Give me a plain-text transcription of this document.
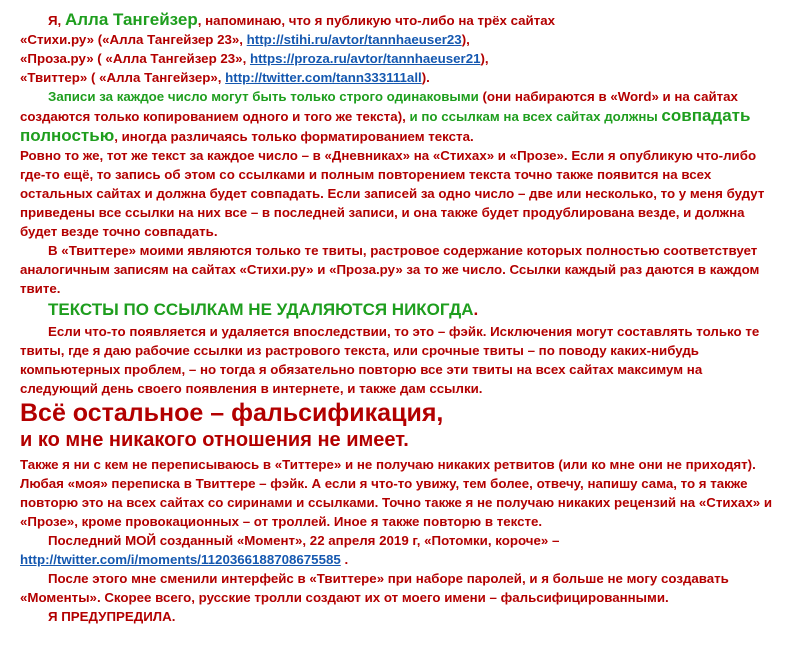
Я, Алла Тангейзер, напоминаю, что я публикую что-либо на трёх сайтах

«Стихи.ру» («Алла Тангейзер 23», http://stihi.ru/avtor/tannhaeuser23),

«Проза.ру» ( «Алла Тангейзер 23», https://proza.ru/avtor/tannhaeuser21),

«Твиттер» ( «Алла Тангейзер», http://twitter.com/tann333111all).

Записи за каждое число могут быть только строго одинаковыми (они набираются в «Word» и на сайтах создаются только копированием одного и того же текста), и по ссылкам на всех сайтах должны совпадать полностью, иногда различаясь только форматированием текста.

Ровно то же, тот же текст за каждое число – в «Дневниках» на «Стихах» и «Прозе». Если я опубликую что-либо где-то ещё, то запись об этом со ссылками и полным повторением текста точно также появится на всех остальных сайтах и должна будет совпадать. Если записей за одно число – две или несколько, то у меня будут приведены все ссылки на них все – в последней записи, и она также будет продублирована везде, и должна будет везде точно совпадать.

В «Твиттере» моими являются только те твиты, растровое содержание которых полностью соответствует аналогичным записям на сайтах «Стихи.ру» и «Проза.ру» за то же число. Ссылки каждый раз даются в каждом твите.

ТЕКСТЫ ПО ССЫЛКАМ НЕ УДАЛЯЮТСЯ НИКОГДА.

Если что-то появляется и удаляется впоследствии, то это – фэйк. Исключения могут составлять только те твиты, где я даю рабочие ссылки из растрового текста, или срочные твиты – по поводу каких-нибудь компьютерных проблем, – но тогда я обязательно повторю все эти твиты на всех сайтах максимум на следующий день своего появления в интернете, и также дам ссылки.

Всё остальное – фальсификация,

и ко мне никакого отношения не имеет.

Также я ни с кем не переписываюсь в «Титтере» и не получаю никаких ретвитов (или ко мне они не приходят). Любая «моя» переписка в Твиттере – фэйк. А если я что-то увижу, тем более, отвечу, напишу сама, то я также повторю это на всех сайтах со сиринами и ссылками. Точно также я не получаю никаких рецензий на «Стихах» и «Прозе», кроме провокационных – от троллей. Иное я также повторю в тексте.

Последний МОЙ созданный «Момент», 22 апреля 2019 г, «Потомки, короче» –

http://twitter.com/i/moments/1120366188708675585 .

После этого мне сменили интерфейс в «Твиттере» при наборе паролей, и я больше не могу создавать «Моменты». Скорее всего, русские тролли создают их от моего имени – фальсифицированными.

Я ПРЕДУПРЕДИЛА.
